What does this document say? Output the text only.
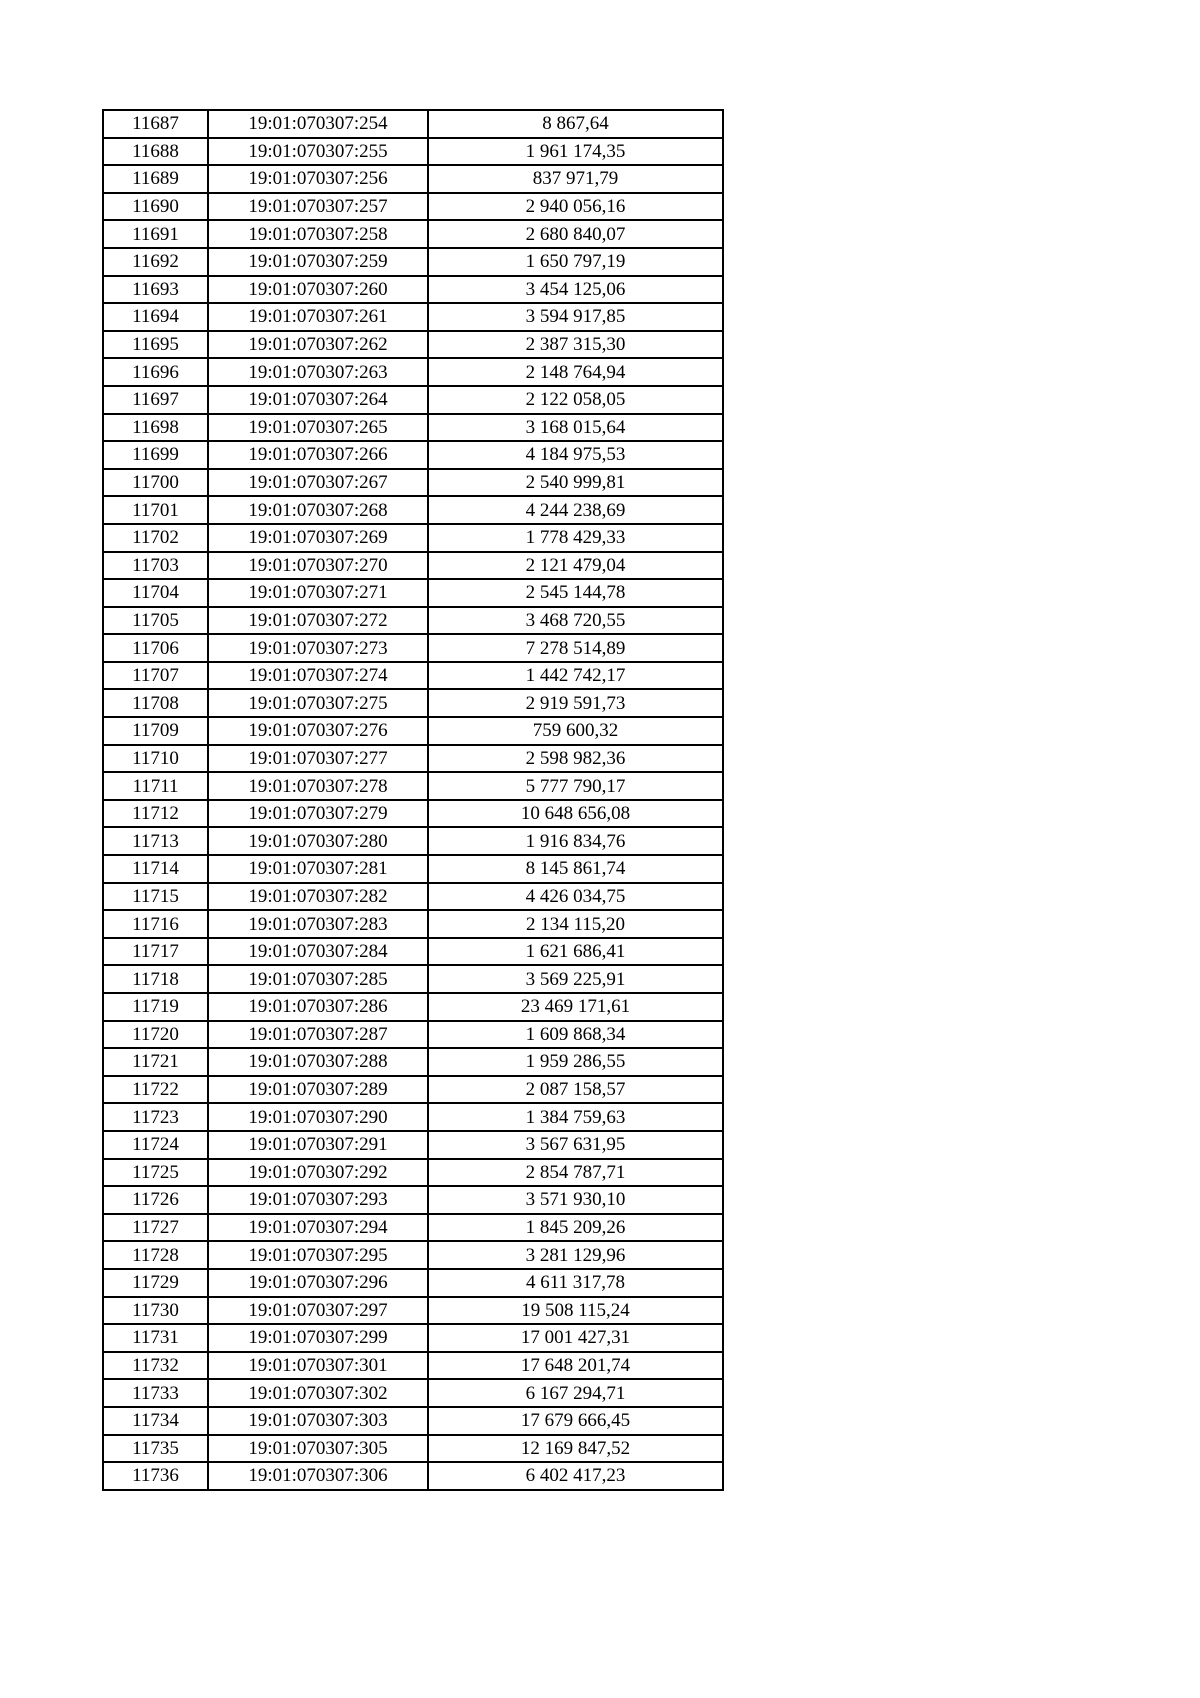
11687	19:01:070307:254	8 867,64
11688	19:01:070307:255	1 961 174,35
11689	19:01:070307:256	837 971,79
11690	19:01:070307:257	2 940 056,16
11691	19:01:070307:258	2 680 840,07
11692	19:01:070307:259	1 650 797,19
11693	19:01:070307:260	3 454 125,06
11694	19:01:070307:261	3 594 917,85
11695	19:01:070307:262	2 387 315,30
11696	19:01:070307:263	2 148 764,94
11697	19:01:070307:264	2 122 058,05
11698	19:01:070307:265	3 168 015,64
11699	19:01:070307:266	4 184 975,53
11700	19:01:070307:267	2 540 999,81
11701	19:01:070307:268	4 244 238,69
11702	19:01:070307:269	1 778 429,33
11703	19:01:070307:270	2 121 479,04
11704	19:01:070307:271	2 545 144,78
11705	19:01:070307:272	3 468 720,55
11706	19:01:070307:273	7 278 514,89
11707	19:01:070307:274	1 442 742,17
11708	19:01:070307:275	2 919 591,73
11709	19:01:070307:276	759 600,32
11710	19:01:070307:277	2 598 982,36
11711	19:01:070307:278	5 777 790,17
11712	19:01:070307:279	10 648 656,08
11713	19:01:070307:280	1 916 834,76
11714	19:01:070307:281	8 145 861,74
11715	19:01:070307:282	4 426 034,75
11716	19:01:070307:283	2 134 115,20
11717	19:01:070307:284	1 621 686,41
11718	19:01:070307:285	3 569 225,91
11719	19:01:070307:286	23 469 171,61
11720	19:01:070307:287	1 609 868,34
11721	19:01:070307:288	1 959 286,55
11722	19:01:070307:289	2 087 158,57
11723	19:01:070307:290	1 384 759,63
11724	19:01:070307:291	3 567 631,95
11725	19:01:070307:292	2 854 787,71
11726	19:01:070307:293	3 571 930,10
11727	19:01:070307:294	1 845 209,26
11728	19:01:070307:295	3 281 129,96
11729	19:01:070307:296	4 611 317,78
11730	19:01:070307:297	19 508 115,24
11731	19:01:070307:299	17 001 427,31
11732	19:01:070307:301	17 648 201,74
11733	19:01:070307:302	6 167 294,71
11734	19:01:070307:303	17 679 666,45
11735	19:01:070307:305	12 169 847,52
11736	19:01:070307:306	6 402 417,23
